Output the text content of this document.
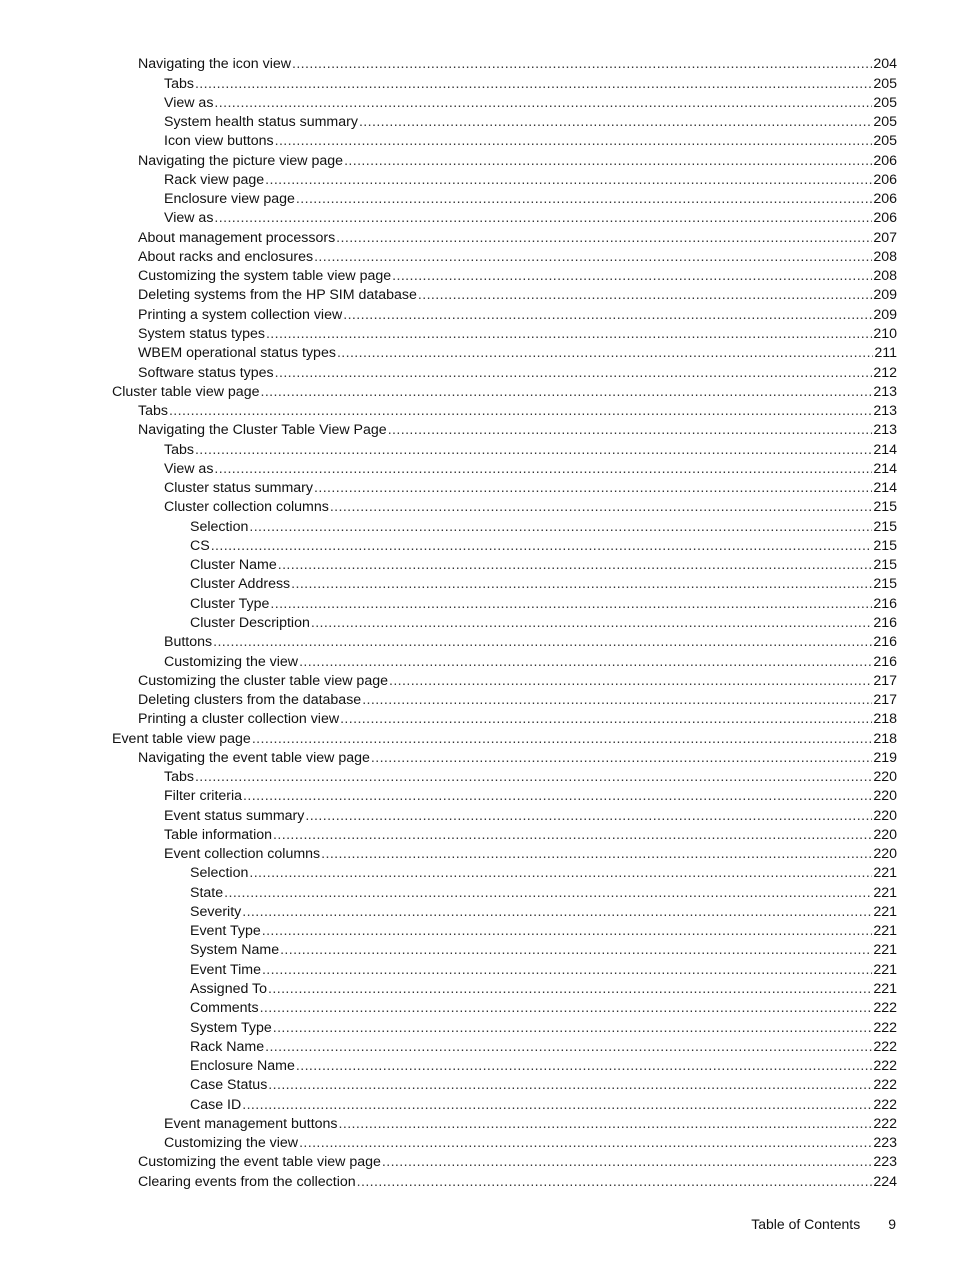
Navigating the icon view .....	204
Tabs .....	205
View as .....	205
System health status summary .....	205
Icon view buttons .....	205
Navigating the picture view page .....	206
Rack view page .....	206
Enclosure view page .....	206
View as .....	206
About management processors .....	207
About racks and enclosures .....	208
Customizing the system table view page .....	208
Deleting systems from the HP SIM database .....	209
Printing a system collection view .....	209
System status types .....	210
WBEM operational status types .....	211
Software status types .....	212
Cluster table view page .....	213
Tabs .....	213
Navigating the Cluster Table View Page .....	213
Tabs .....	214
View as .....	214
Cluster status summary .....	214
Cluster collection columns .....	215
Selection .....	215
CS .....	215
Cluster Name .....	215
Cluster Address .....	215
Cluster Type .....	216
Cluster Description .....	216
Buttons .....	216
Customizing the view .....	216
Customizing the cluster table view page .....	217
Deleting clusters from the database .....	217
Printing a cluster collection view .....	218
Event table view page .....	218
Navigating the event table view page .....	219
Tabs .....	220
Filter criteria .....	220
Event status summary .....	220
Table information .....	220
Event collection columns .....	220
Selection .....	221
State .....	221
Severity .....	221
Event Type .....	221
System Name .....	221
Event Time .....	221
Assigned To .....	221
Comments .....	222
System Type .....	222
Rack Name .....	222
Enclosure Name .....	222
Case Status .....	222
Case ID .....	222
Event management buttons .....	222
Customizing the view .....	223
Customizing the event table view page .....	223
Clearing events from the collection .....	224
Table of Contents 9
